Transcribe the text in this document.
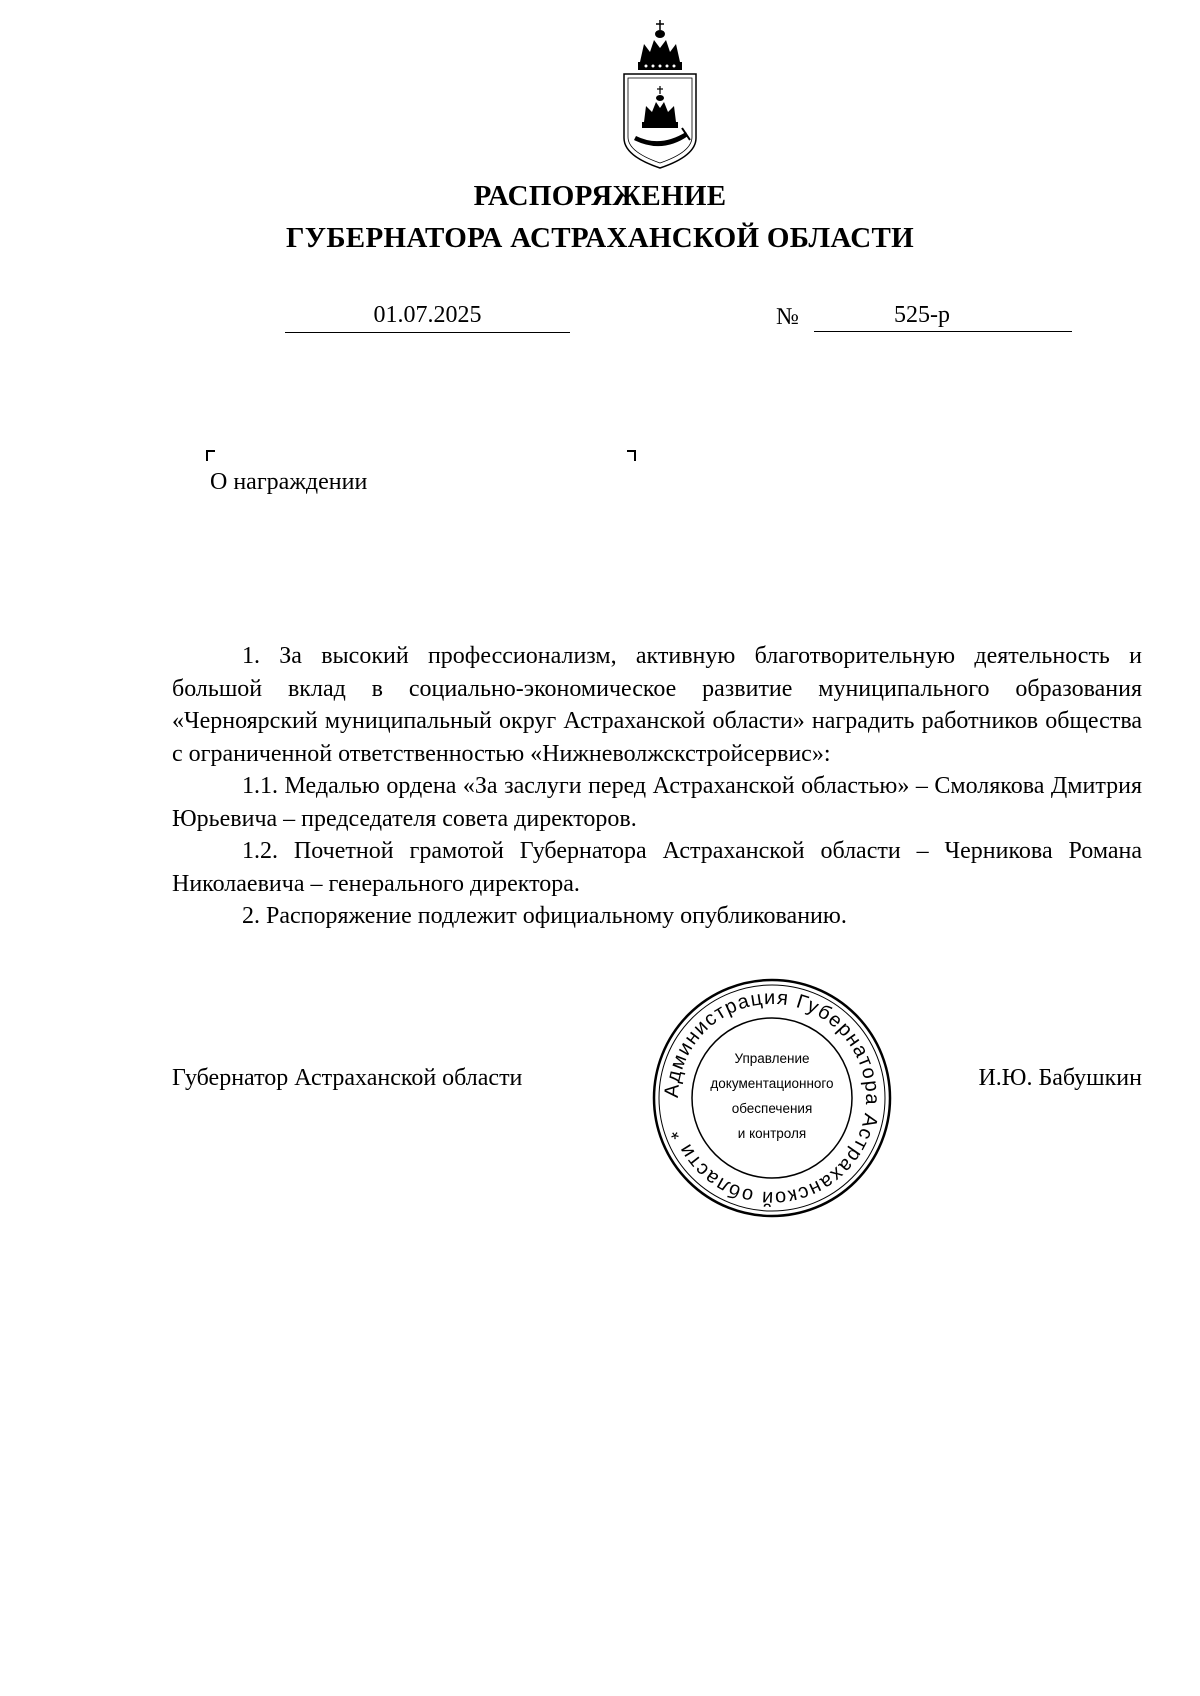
РАСПОРЯЖЕНИЕ
ГУБЕРНАТОРА АСТРАХАНСКОЙ ОБЛАСТИ
01.07.2025	№	525-р
О награждении

1. За высокий профессионализм, активную благотворительную деятельность и большой вклад в социально-экономическое развитие муниципального образования «Черноярский муниципальный округ Астраханской области» наградить работников общества с ограниченной ответственностью «Нижневолжскстройсервис»:

1.1. Медалью ордена «За заслуги перед Астраханской областью» – Смолякова Дмитрия Юрьевича – председателя совета директоров.

1.2. Почетной грамотой Губернатора Астраханской области – Черникова Романа Николаевича – генерального директора.

2. Распоряжение подлежит официальному опубликованию.

Губернатор Астраханской области	И.Ю. Бабушкин
Администрация Губернатора Астраханской области *
Управление
документационного
обеспечения
и контроля
